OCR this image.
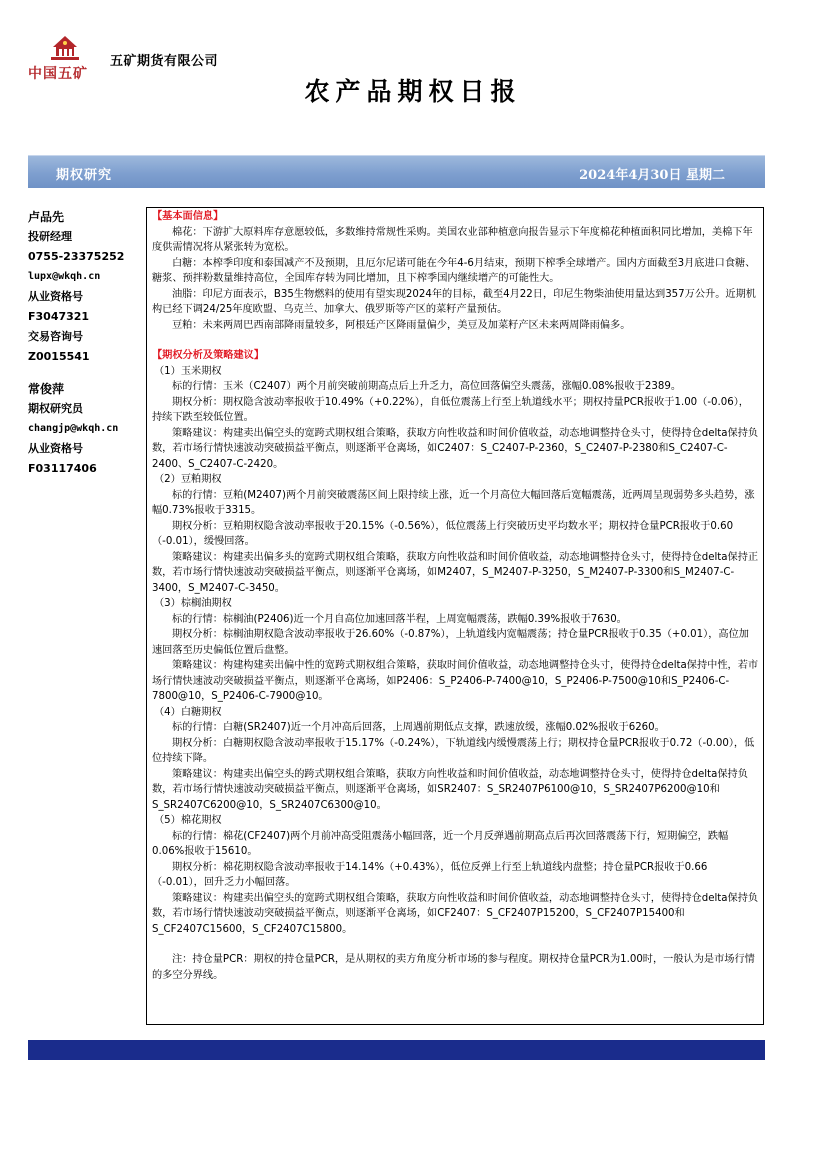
中国五矿
五矿期货有限公司
农产品期权日报
期权研究	2024年4月30日 星期二
卢品先
投研经理
0755-23375252
lupx@wkqh.cn
从业资格号
F3047321
交易咨询号
Z0015541
常俊萍
期权研究员
changjp@wkqh.cn
从业资格号
F03117406

【基本面信息】

棉花：下游扩大原料库存意愿较低，多数维持常规性采购。美国农业部种植意向报告显示下年度棉花种植面积同比增加，美棉下年度供需情况将从紧张转为宽松。

白糖：本榨季印度和泰国减产不及预期，且厄尔尼诺可能在今年4-6月结束，预期下榨季全球增产。国内方面截至3月底进口食糖、糖浆、预拌粉数量维持高位，全国库存转为同比增加，且下榨季国内继续增产的可能性大。

油脂：印尼方面表示，B35生物燃料的使用有望实现2024年的目标，截至4月22日，印尼生物柴油使用量达到357万公升。近期机构已经下调24/25年度欧盟、乌克兰、加拿大、俄罗斯等产区的菜籽产量预估。

豆粕：未来两周巴西南部降雨量较多，阿根廷产区降雨量偏少，美豆及加菜籽产区未来两周降雨偏多。

【期权分析及策略建议】

（1）玉米期权

标的行情：玉米（C2407）两个月前突破前期高点后上升乏力，高位回落偏空头震荡，涨幅0.08%报收于2389。

期权分析：期权隐含波动率报收于10.49%（+0.22%），自低位震荡上行至上轨道线水平；期权持量PCR报收于1.00（-0.06），持续下跌至较低位置。

策略建议：构建卖出偏空头的宽跨式期权组合策略，获取方向性收益和时间价值收益，动态地调整持仓头寸，使得持仓delta保持负数，若市场行情快速波动突破损益平衡点，则逐渐平仓离场，如C2407：S_C2407-P-2360，S_C2407-P-2380和S_C2407-C-2400、S_C2407-C-2420。

（2）豆粕期权

标的行情：豆粕(M2407)两个月前突破震荡区间上限持续上涨，近一个月高位大幅回落后宽幅震荡，近两周呈现弱势多头趋势，涨幅0.73%报收于3315。

期权分析：豆粕期权隐含波动率报收于20.15%（-0.56%），低位震荡上行突破历史平均数水平；期权持仓量PCR报收于0.60（-0.01），缓慢回落。

策略建议：构建卖出偏多头的宽跨式期权组合策略，获取方向性收益和时间价值收益，动态地调整持仓头寸，使得持仓delta保持正数，若市场行情快速波动突破损益平衡点，则逐渐平仓离场，如M2407，S_M2407-P-3250，S_M2407-P-3300和S_M2407-C-3400，S_M2407-C-3450。

（3）棕榈油期权

标的行情：棕榈油(P2406)近一个月自高位加速回落半程，上周宽幅震荡，跌幅0.39%报收于7630。

期权分析：棕榈油期权隐含波动率报收于26.60%（-0.87%），上轨道线内宽幅震荡；持仓量PCR报收于0.35（+0.01），高位加速回落至历史偏低位置后盘整。

策略建议：构建构建卖出偏中性的宽跨式期权组合策略，获取时间价值收益，动态地调整持仓头寸，使得持仓delta保持中性，若市场行情快速波动突破损益平衡点，则逐渐平仓离场，如P2406：S_P2406-P-7400@10，S_P2406-P-7500@10和S_P2406-C-7800@10，S_P2406-C-7900@10。

（4）白糖期权

标的行情：白糖(SR2407)近一个月冲高后回落，上周遇前期低点支撑，跌速放缓，涨幅0.02%报收于6260。

期权分析：白糖期权隐含波动率报收于15.17%（-0.24%），下轨道线内缓慢震荡上行；期权持仓量PCR报收于0.72（-0.00），低位持续下降。

策略建议：构建卖出偏空头的跨式期权组合策略，获取方向性收益和时间价值收益，动态地调整持仓头寸，使得持仓delta保持负数，若市场行情快速波动突破损益平衡点，则逐渐平仓离场，如SR2407：S_SR2407P6100@10，S_SR2407P6200@10和S_SR2407C6200@10，S_SR2407C6300@10。

（5）棉花期权

标的行情：棉花(CF2407)两个月前冲高受阻震荡小幅回落，近一个月反弹遇前期高点后再次回落震荡下行，短期偏空，跌幅0.06%报收于15610。

期权分析：棉花期权隐含波动率报收于14.14%（+0.43%），低位反弹上行至上轨道线内盘整；持仓量PCR报收于0.66（-0.01），回升乏力小幅回落。

策略建议：构建卖出偏空头的宽跨式期权组合策略，获取方向性收益和时间价值收益，动态地调整持仓头寸，使得持仓delta保持负数，若市场行情快速波动突破损益平衡点，则逐渐平仓离场，如CF2407：S_CF2407P15200，S_CF2407P15400和S_CF2407C15600，S_CF2407C15800。

注：持仓量PCR：期权的持仓量PCR，是从期权的卖方角度分析市场的参与程度。期权持仓量PCR为1.00时，一般认为是市场行情的多空分界线。
